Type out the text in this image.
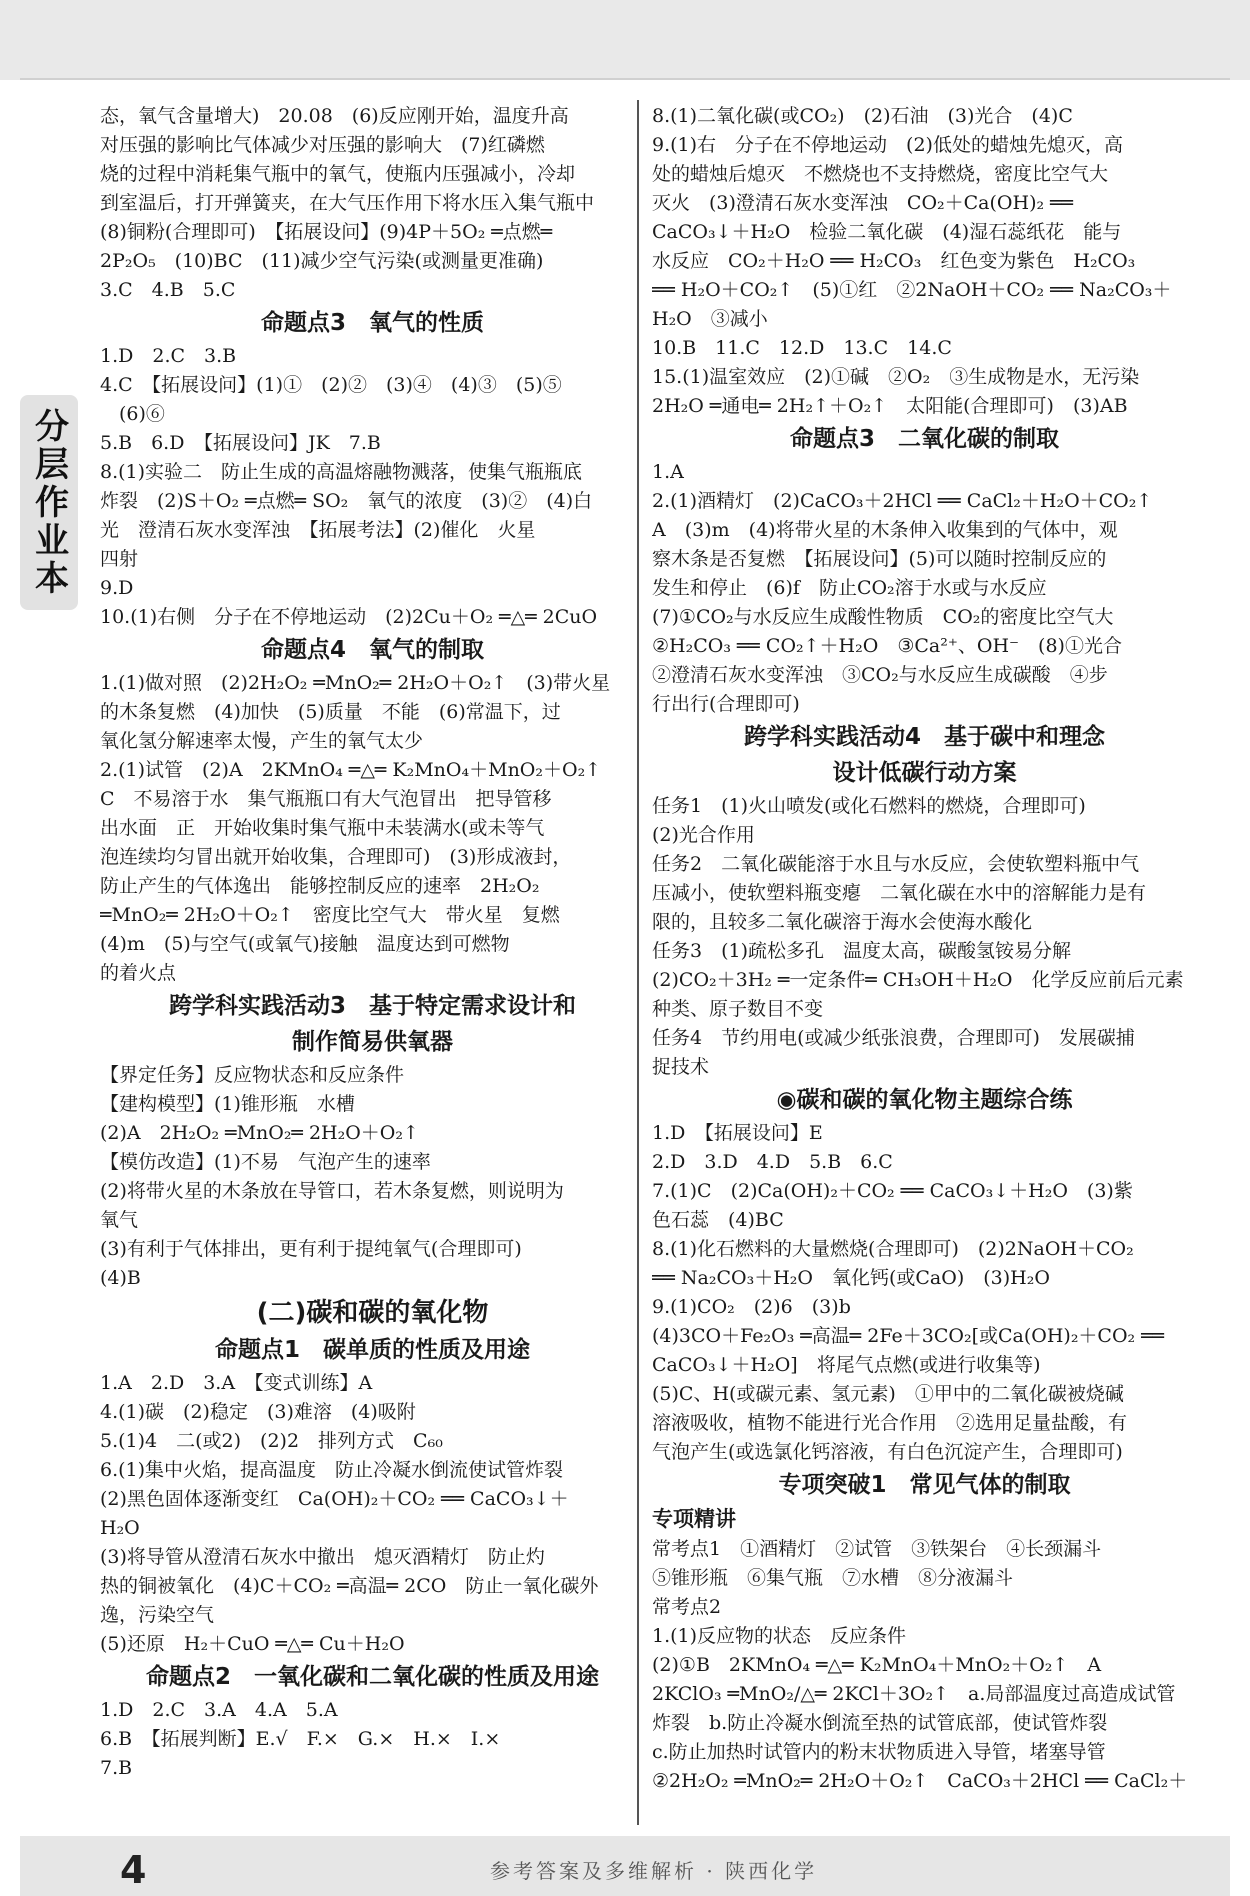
分层作业本

态，氧气含量增大)　20.08　(6)反应刚开始，温度升高

对压强的影响比气体减少对压强的影响大　(7)红磷燃

烧的过程中消耗集气瓶中的氧气，使瓶内压强减小，冷却

到室温后，打开弹簧夹，在大气压作用下将水压入集气瓶中

(8)铜粉(合理即可)　【拓展设问】(9)4P＋5O₂ ═点燃═

2P₂O₅　(10)BC　(11)减少空气污染(或测量更准确)

3.C　4.B　5.C

命题点3　氧气的性质

1.D　2.C　3.B

4.C　【拓展设问】(1)①　(2)②　(3)④　(4)③　(5)⑤

　(6)⑥

5.B　6.D　【拓展设问】JK　7.B

8.(1)实验二　防止生成的高温熔融物溅落，使集气瓶瓶底

炸裂　(2)S＋O₂ ═点燃═ SO₂　氧气的浓度　(3)②　(4)白

光　澄清石灰水变浑浊　【拓展考法】(2)催化　火星

四射

9.D

10.(1)右侧　分子在不停地运动　(2)2Cu＋O₂ ═△═ 2CuO

命题点4　氧气的制取

1.(1)做对照　(2)2H₂O₂ ═MnO₂═ 2H₂O＋O₂↑　(3)带火星

的木条复燃　(4)加快　(5)质量　不能　(6)常温下，过

氧化氢分解速率太慢，产生的氧气太少

2.(1)试管　(2)A　2KMnO₄ ═△═ K₂MnO₄＋MnO₂＋O₂↑

C　不易溶于水　集气瓶瓶口有大气泡冒出　把导管移

出水面　正　开始收集时集气瓶中未装满水(或未等气

泡连续均匀冒出就开始收集，合理即可)　(3)形成液封，

防止产生的气体逸出　能够控制反应的速率　2H₂O₂

═MnO₂═ 2H₂O＋O₂↑　密度比空气大　带火星　复燃

(4)m　(5)与空气(或氧气)接触　温度达到可燃物

的着火点

跨学科实践活动3　基于特定需求设计和

制作简易供氧器

【界定任务】反应物状态和反应条件

【建构模型】(1)锥形瓶　水槽

(2)A　2H₂O₂ ═MnO₂═ 2H₂O＋O₂↑

【模仿改造】(1)不易　气泡产生的速率

(2)将带火星的木条放在导管口，若木条复燃，则说明为

氧气

(3)有利于气体排出，更有利于提纯氧气(合理即可)

(4)B

(二)碳和碳的氧化物

命题点1　碳单质的性质及用途

1.A　2.D　3.A　【变式训练】A

4.(1)碳　(2)稳定　(3)难溶　(4)吸附

5.(1)4　二(或2)　(2)2　排列方式　C₆₀

6.(1)集中火焰，提高温度　防止冷凝水倒流使试管炸裂

(2)黑色固体逐渐变红　Ca(OH)₂＋CO₂ ══ CaCO₃↓＋

H₂O

(3)将导管从澄清石灰水中撤出　熄灭酒精灯　防止灼

热的铜被氧化　(4)C＋CO₂ ═高温═ 2CO　防止一氧化碳外

逸，污染空气

(5)还原　H₂＋CuO ═△═ Cu＋H₂O

命题点2　一氧化碳和二氧化碳的性质及用途

1.D　2.C　3.A　4.A　5.A

6.B　【拓展判断】E.√　F.×　G.×　H.×　I.×

7.B

8.(1)二氧化碳(或CO₂)　(2)石油　(3)光合　(4)C

9.(1)右　分子在不停地运动　(2)低处的蜡烛先熄灭，高

处的蜡烛后熄灭　不燃烧也不支持燃烧，密度比空气大

灭火　(3)澄清石灰水变浑浊　CO₂＋Ca(OH)₂ ══

CaCO₃↓＋H₂O　检验二氧化碳　(4)湿石蕊纸花　能与

水反应　CO₂＋H₂O ══ H₂CO₃　红色变为紫色　H₂CO₃

══ H₂O＋CO₂↑　(5)①红　②2NaOH＋CO₂ ══ Na₂CO₃＋

H₂O　③减小

10.B　11.C　12.D　13.C　14.C

15.(1)温室效应　(2)①碱　②O₂　③生成物是水，无污染

2H₂O ═通电═ 2H₂↑＋O₂↑　太阳能(合理即可)　(3)AB

命题点3　二氧化碳的制取

1.A

2.(1)酒精灯　(2)CaCO₃＋2HCl ══ CaCl₂＋H₂O＋CO₂↑

A　(3)m　(4)将带火星的木条伸入收集到的气体中，观

察木条是否复燃　【拓展设问】(5)可以随时控制反应的

发生和停止　(6)f　防止CO₂溶于水或与水反应

(7)①CO₂与水反应生成酸性物质　CO₂的密度比空气大

②H₂CO₃ ══ CO₂↑＋H₂O　③Ca²⁺、OH⁻　(8)①光合

②澄清石灰水变浑浊　③CO₂与水反应生成碳酸　④步

行出行(合理即可)

跨学科实践活动4　基于碳中和理念

设计低碳行动方案

任务1　(1)火山喷发(或化石燃料的燃烧，合理即可)

(2)光合作用

任务2　二氧化碳能溶于水且与水反应，会使软塑料瓶中气

压减小，使软塑料瓶变瘪　二氧化碳在水中的溶解能力是有

限的，且较多二氧化碳溶于海水会使海水酸化

任务3　(1)疏松多孔　温度太高，碳酸氢铵易分解

(2)CO₂＋3H₂ ═一定条件═ CH₃OH＋H₂O　化学反应前后元素

种类、原子数目不变

任务4　节约用电(或减少纸张浪费，合理即可)　发展碳捕

捉技术

◉碳和碳的氧化物主题综合练

1.D　【拓展设问】E

2.D　3.D　4.D　5.B　6.C

7.(1)C　(2)Ca(OH)₂＋CO₂ ══ CaCO₃↓＋H₂O　(3)紫

色石蕊　(4)BC

8.(1)化石燃料的大量燃烧(合理即可)　(2)2NaOH＋CO₂

══ Na₂CO₃＋H₂O　氧化钙(或CaO)　(3)H₂O

9.(1)CO₂　(2)6　(3)b

(4)3CO＋Fe₂O₃ ═高温═ 2Fe＋3CO₂[或Ca(OH)₂＋CO₂ ══

CaCO₃↓＋H₂O]　将尾气点燃(或进行收集等)

(5)C、H(或碳元素、氢元素)　①甲中的二氧化碳被烧碱

溶液吸收，植物不能进行光合作用　②选用足量盐酸，有

气泡产生(或选氯化钙溶液，有白色沉淀产生，合理即可)

专项突破1　常见气体的制取

专项精讲

常考点1　①酒精灯　②试管　③铁架台　④长颈漏斗

⑤锥形瓶　⑥集气瓶　⑦水槽　⑧分液漏斗

常考点2

1.(1)反应物的状态　反应条件

(2)①B　2KMnO₄ ═△═ K₂MnO₄＋MnO₂＋O₂↑　A

2KClO₃ ═MnO₂/△═ 2KCl＋3O₂↑　a.局部温度过高造成试管

炸裂　b.防止冷凝水倒流至热的试管底部，使试管炸裂

c.防止加热时试管内的粉末状物质进入导管，堵塞导管

②2H₂O₂ ═MnO₂═ 2H₂O＋O₂↑　CaCO₃＋2HCl ══ CaCl₂＋

4	参考答案及多维解析 · 陕西化学
